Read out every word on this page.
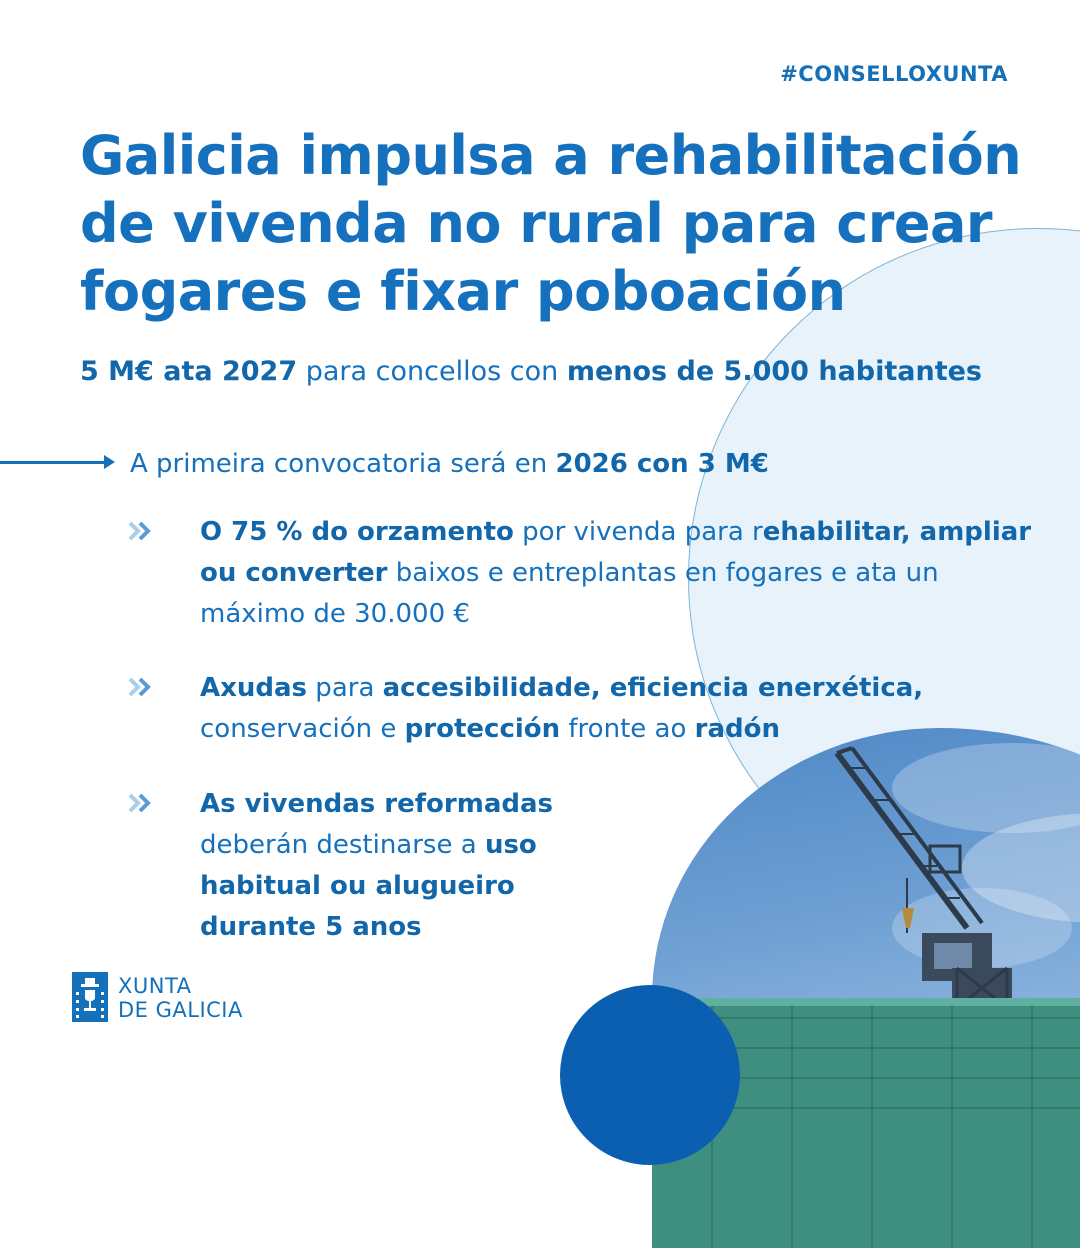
#CONSELLOXUNTA
Galicia impulsa a rehabilitación de vivenda no rural para crear fogares e fixar poboación

5 M€ ata 2027 para concellos con menos de 5.000 habitantes

A primeira convocatoria será en 2026 con 3 M€

O 75 % do orzamento por vivenda para rehabilitar, ampliar ou converter baixos e entreplantas en fogares e ata un máximo de 30.000 €

Axudas para accesibilidade, eficiencia enerxética, conservación e protección fronte ao radón

As vivendas reformadas deberán destinarse a uso habitual ou alugueiro durante 5 anos

XUNTA
DE GALICIA
